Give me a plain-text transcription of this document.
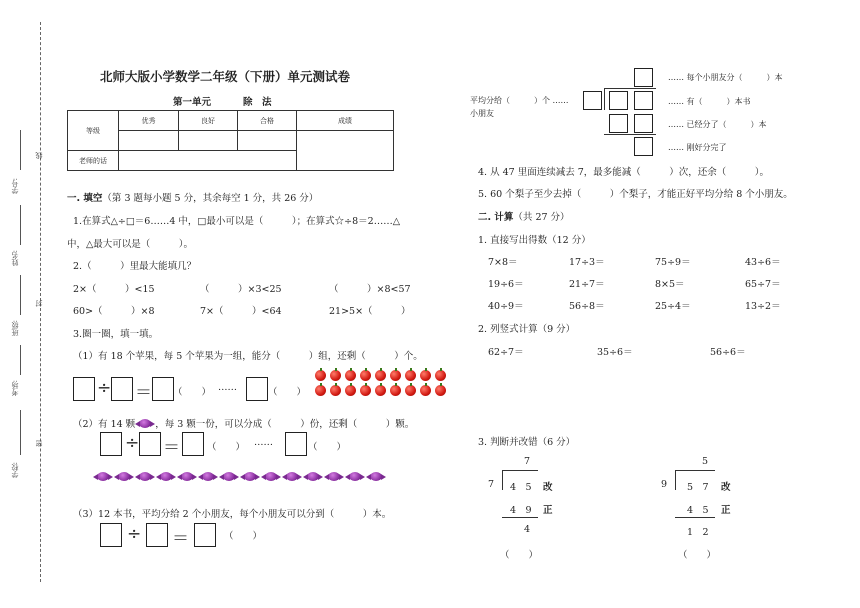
学号:
线
姓名:
封
班级:
考场:
密
学校:
北师大版小学数学二年级（下册）单元测试卷
第一单元	除　法
等级	优秀	良好	合格	成绩

老师的话				
一. 填空（第 3 题每小题 5 分，其余每空 1 分，共 26 分）
1.在算式△÷□＝6……4 中，□最小可以是（　　　）；在算式☆÷8＝2……△
中，△最大可以是（　　　）。
2.（　　　）里最大能填几？
2×（　　　）<15	（　　　）×3<25	（　　　）×8<57
60>（　　　）×8	7×（　　　）<64	21>5×（　　　）
3.圈一圈，填一填。
（1）有 18 个苹果，每 5 个苹果为一组，能分（　　　）组，还剩（　　　）个。
÷ ＝ （　　） ……	（　　）
（2）有 14 颗 ，每 3 颗一份，可以分成（　　　）份，还剩（　　　）颗。
÷ ＝	（　　） ……	（　　）
（3）12 本书，平均分给 2 个小朋友，每个小朋友可以分到（　　　）本。
÷ ＝	（　　）
…… 每个小朋友分（　　　）本
平均分给（　　　）个 ……
小朋友
…… 有（　　　）本书
…… 已经分了（　　　）本
…… 刚好分完了
4. 从 47 里面连续减去 7，最多能减（　　　）次，还余（　　　）。
5. 60 个梨子至少去掉（　　　）个梨子，才能正好平均分给 8 个小朋友。
二. 计算（共 27 分）
1. 直接写出得数（12 分）
7×8＝	17÷3＝	75÷9＝	43÷6＝
19÷6＝	21÷7＝	8×5＝	65÷7＝
40÷9＝	56÷8＝	25÷4＝	13÷2＝
2. 列竖式计算（9 分）
62÷7＝	35÷6＝	56÷6＝
3. 判断并改错（6 分）
7
7 4　5 改
4　9 正
4
（　　）
5
9 5　7 改
4　5 正
1　2
（　　）
